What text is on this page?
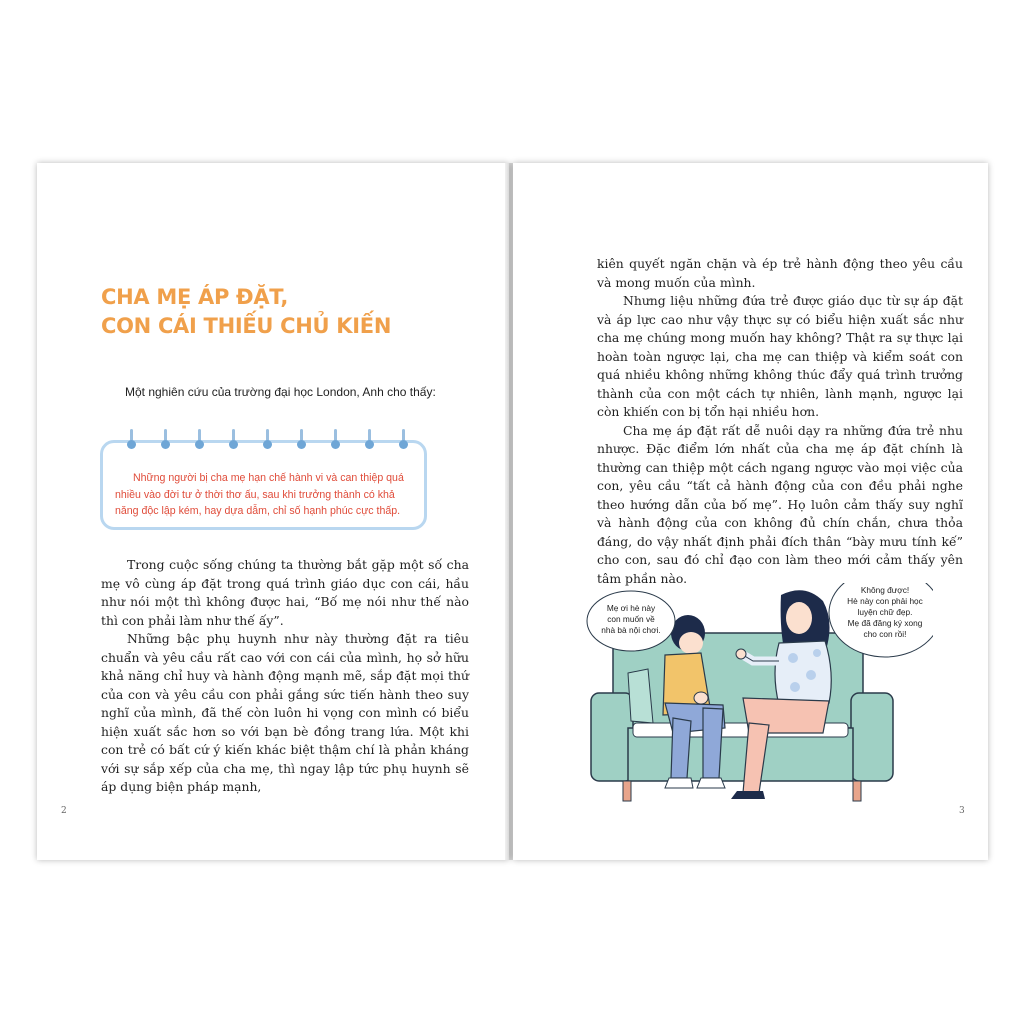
CHA MẸ ÁP ĐẶT,
CON CÁI THIẾU CHỦ KIẾN
Một nghiên cứu của trường đại học London, Anh cho thấy:
Những người bị cha mẹ hạn chế hành vi và can thiệp quá nhiều vào đời tư ở thời thơ ấu, sau khi trưởng thành có khả năng độc lập kém, hay dựa dẫm, chỉ số hạnh phúc cực thấp.

Trong cuộc sống chúng ta thường bắt gặp một số cha mẹ vô cùng áp đặt trong quá trình giáo dục con cái, hầu như nói một thì không được hai, “Bố mẹ nói như thế nào thì con phải làm như thế ấy”.

Những bậc phụ huynh như này thường đặt ra tiêu chuẩn và yêu cầu rất cao với con cái của mình, họ sở hữu khả năng chỉ huy và hành động mạnh mẽ, sắp đặt mọi thứ của con và yêu cầu con phải gắng sức tiến hành theo suy nghĩ của mình, đã thế còn luôn hi vọng con mình có biểu hiện xuất sắc hơn so với bạn bè đồng trang lứa. Một khi con trẻ có bất cứ ý kiến khác biệt thậm chí là phản kháng với sự sắp xếp của cha mẹ, thì ngay lập tức phụ huynh sẽ áp dụng biện pháp mạnh,

2

kiên quyết ngăn chặn và ép trẻ hành động theo yêu cầu và mong muốn của mình.

Nhưng liệu những đứa trẻ được giáo dục từ sự áp đặt và áp lực cao như vậy thực sự có biểu hiện xuất sắc như cha mẹ chúng mong muốn hay không? Thật ra sự thực lại hoàn toàn ngược lại, cha mẹ can thiệp và kiểm soát con quá nhiều không những không thúc đẩy quá trình trưởng thành của con một cách tự nhiên, lành mạnh, ngược lại còn khiến con bị tổn hại nhiều hơn.

Cha mẹ áp đặt rất dễ nuôi dạy ra những đứa trẻ nhu nhược. Đặc điểm lớn nhất của cha mẹ áp đặt chính là thường can thiệp một cách ngang ngược vào mọi việc của con, yêu cầu “tất cả hành động của con đều phải nghe theo hướng dẫn của bố mẹ”. Họ luôn cảm thấy suy nghĩ và hành động của con không đủ chín chắn, chưa thỏa đáng, do vậy nhất định phải đích thân “bày mưu tính kế” cho con, sau đó chỉ đạo con làm theo mới cảm thấy yên tâm phần nào.

Mẹ ơi hè này
con muốn về
nhà bà nội chơi.
Không được!
Hè này con phải học
luyện chữ đẹp.
Mẹ đã đăng ký xong
cho con rồi!
3
